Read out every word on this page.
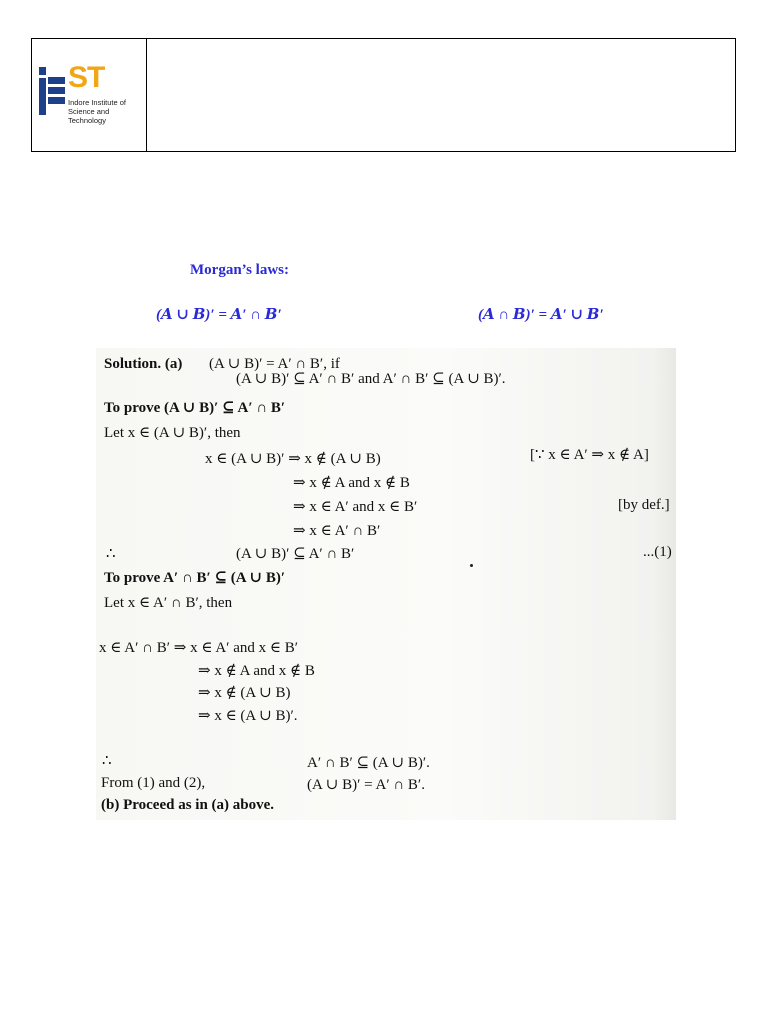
ST
Indore Institute of
Science and Technology
Morgan’s laws:
(𝑨 ∪ 𝑩)′ = 𝑨′ ∩ 𝑩′	(𝑨 ∩ 𝑩)′ = 𝑨′ ∪ 𝑩′
Solution. (a) (A ∪ B)′ = A′ ∩ B′, if
(A ∪ B)′ ⊆ A′ ∩ B′ and A′ ∩ B′ ⊆ (A ∪ B)′.
To prove (A ∪ B)′ ⊆ A′ ∩ B′
Let x ∈ (A ∪ B)′, then
x ∈ (A ∪ B)′ ⇒ x ∉ (A ∪ B)	[∵ x ∈ A′ ⇒ x ∉ A]
⇒ x ∉ A and x ∉ B
⇒ x ∈ A′ and x ∈ B′	[by def.]
⇒ x ∈ A′ ∩ B′
∴	(A ∪ B)′ ⊆ A′ ∩ B′	...(1)
To prove A′ ∩ B′ ⊆ (A ∪ B)′
Let x ∈ A′ ∩ B′, then
x ∈ A′ ∩ B′ ⇒ x ∈ A′ and x ∈ B′
⇒ x ∉ A and x ∉ B
⇒ x ∉ (A ∪ B)
⇒ x ∈ (A ∪ B)′.
∴	A′ ∩ B′ ⊆ (A ∪ B)′.
From (1) and (2),	(A ∪ B)′ = A′ ∩ B′.
(b) Proceed as in (a) above.
